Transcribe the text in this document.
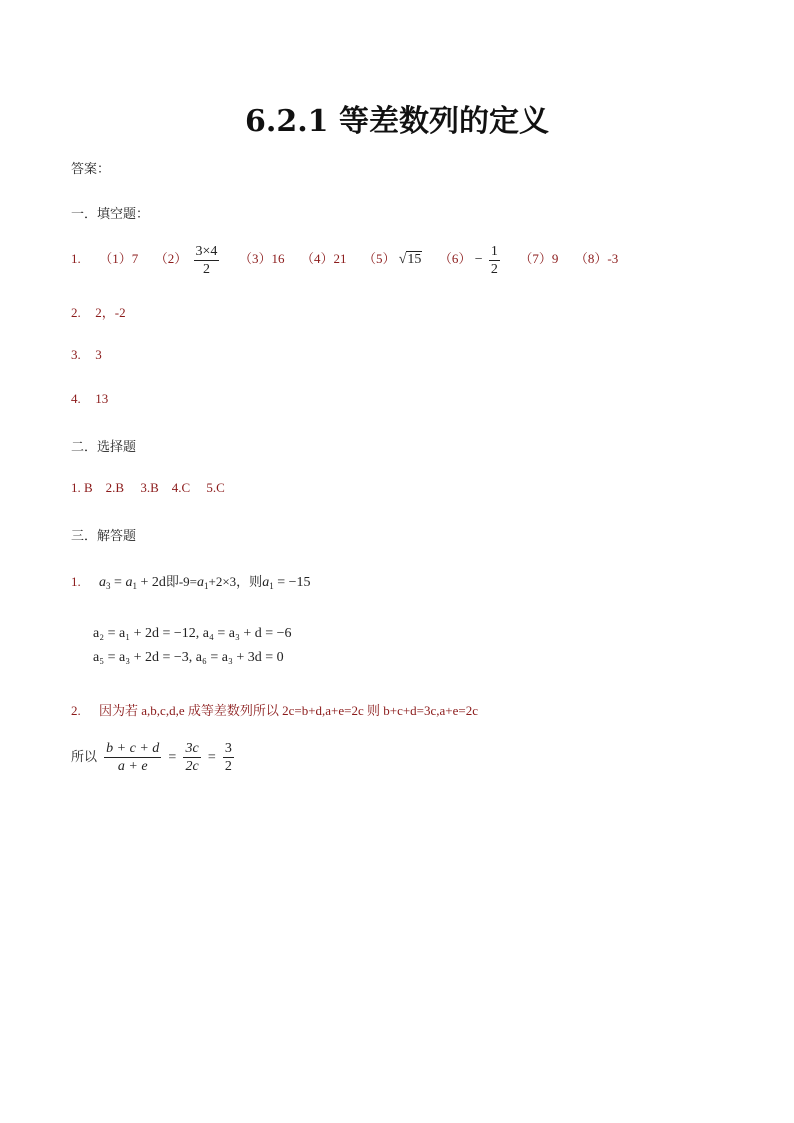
6.2.1 等差数列的定义
答案：
一．填空题：
1. （1）7 $(2) \frac{3\times 4}{2} (3)16$ （4）21 （5） √15 $(6) - \frac{1}{2} (7)9$ （8）-3
2. 2，-2
3. 3
4. 13
二．选择题
1. B    2.B     3.B    4.C     5.C
三．解答题
1. $a_3 = a_1 + 2d$即$-9=a_1+2\times 3$，则$a_1 = -15$
a₂ = a₁ + 2d = −12, a₄ = a₃ + d = −6
a₅ = a₃ + 2d = −3, a₆ = a₃ + 3d = 0
2. 因为若 a,b,c,d,e 成等差数列所以 2c=b+d,a+e=2c 则 b+c+d=3c,a+e=2c
所以 $\frac{b + c + d}{a + e} = \frac{3c}{2c} = \frac{3}{2}$
